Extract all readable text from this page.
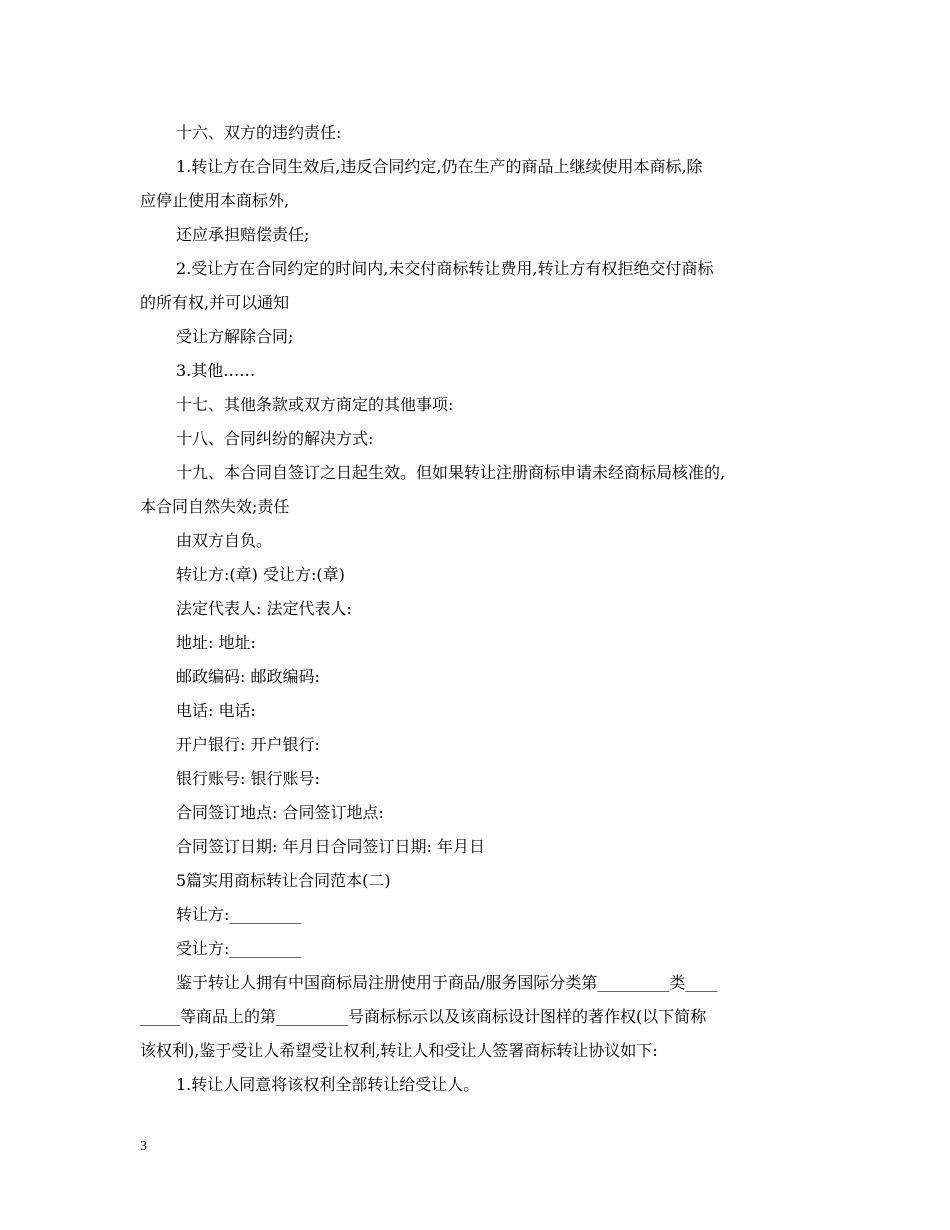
十六、双方的违约责任:
1.转让方在合同生效后,违反合同约定,仍在生产的商品上继续使用本商标,除
应停止使用本商标外,
还应承担赔偿责任;
2.受让方在合同约定的时间内,未交付商标转让费用,转让方有权拒绝交付商标
的所有权,并可以通知
受让方解除合同;
3.其他……
十七、其他条款或双方商定的其他事项:
十八、合同纠纷的解决方式:
十九、本合同自签订之日起生效。但如果转让注册商标申请未经商标局核准的,
本合同自然失效;责任
由双方自负。
转让方:(章) 受让方:(章)
法定代表人: 法定代表人:
地址: 地址:
邮政编码: 邮政编码:
电话: 电话:
开户银行: 开户银行:
银行账号: 银行账号:
合同签订地点: 合同签订地点:
合同签订日期: 年月日合同签订日期: 年月日
5篇实用商标转让合同范本(二)
转让方:_________
受让方:_________
鉴于转让人拥有中国商标局注册使用于商品/服务国际分类第_________类____
_____等商品上的第_________号商标标示以及该商标设计图样的著作权(以下简称
该权利),鉴于受让人希望受让权利,转让人和受让人签署商标转让协议如下:
1.转让人同意将该权利全部转让给受让人。
3
